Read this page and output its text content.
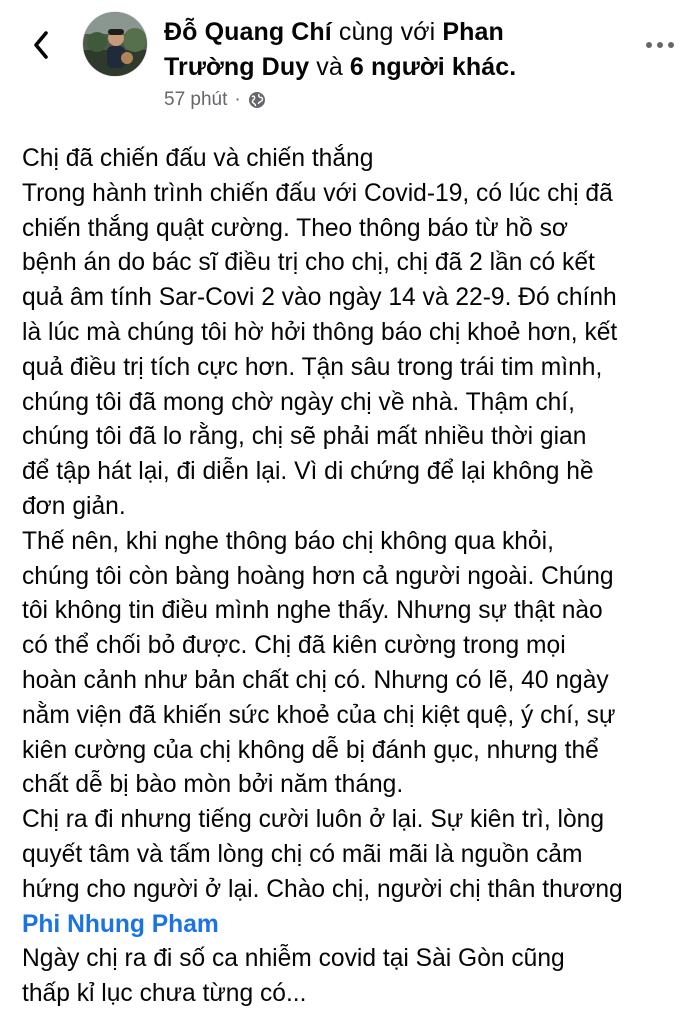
Đỗ Quang Chí cùng với Phan
Trường Duy và 6 người khác.
57 phút ·
Chị đã chiến đấu và chiến thắng
Trong hành trình chiến đấu với Covid-19, có lúc chị đã
chiến thắng quật cường. Theo thông báo từ hồ sơ
bệnh án do bác sĩ điều trị cho chị, chị đã 2 lần có kết
quả âm tính Sar-Covi 2 vào ngày 14 và 22-9. Đó chính
là lúc mà chúng tôi hờ hởi thông báo chị khoẻ hơn, kết
quả điều trị tích cực hơn. Tận sâu trong trái tim mình,
chúng tôi đã mong chờ ngày chị về nhà. Thậm chí,
chúng tôi đã lo rằng, chị sẽ phải mất nhiều thời gian
để tập hát lại, đi diễn lại. Vì di chứng để lại không hề
đơn giản.
Thế nên, khi nghe thông báo chị không qua khỏi,
chúng tôi còn bàng hoàng hơn cả người ngoài. Chúng
tôi không tin điều mình nghe thấy. Nhưng sự thật nào
có thể chối bỏ được. Chị đã kiên cường trong mọi
hoàn cảnh như bản chất chị có. Nhưng có lẽ, 40 ngày
nằm viện đã khiến sức khoẻ của chị kiệt quệ, ý chí, sự
kiên cường của chị không dễ bị đánh gục, nhưng thể
chất dễ bị bào mòn bởi năm tháng.
Chị ra đi nhưng tiếng cười luôn ở lại. Sự kiên trì, lòng
quyết tâm và tấm lòng chị có mãi mãi là nguồn cảm
hứng cho người ở lại. Chào chị, người chị thân thương
Phi Nhung Pham
Ngày chị ra đi số ca nhiễm covid tại Sài Gòn cũng
thấp kỉ lục chưa từng có...
